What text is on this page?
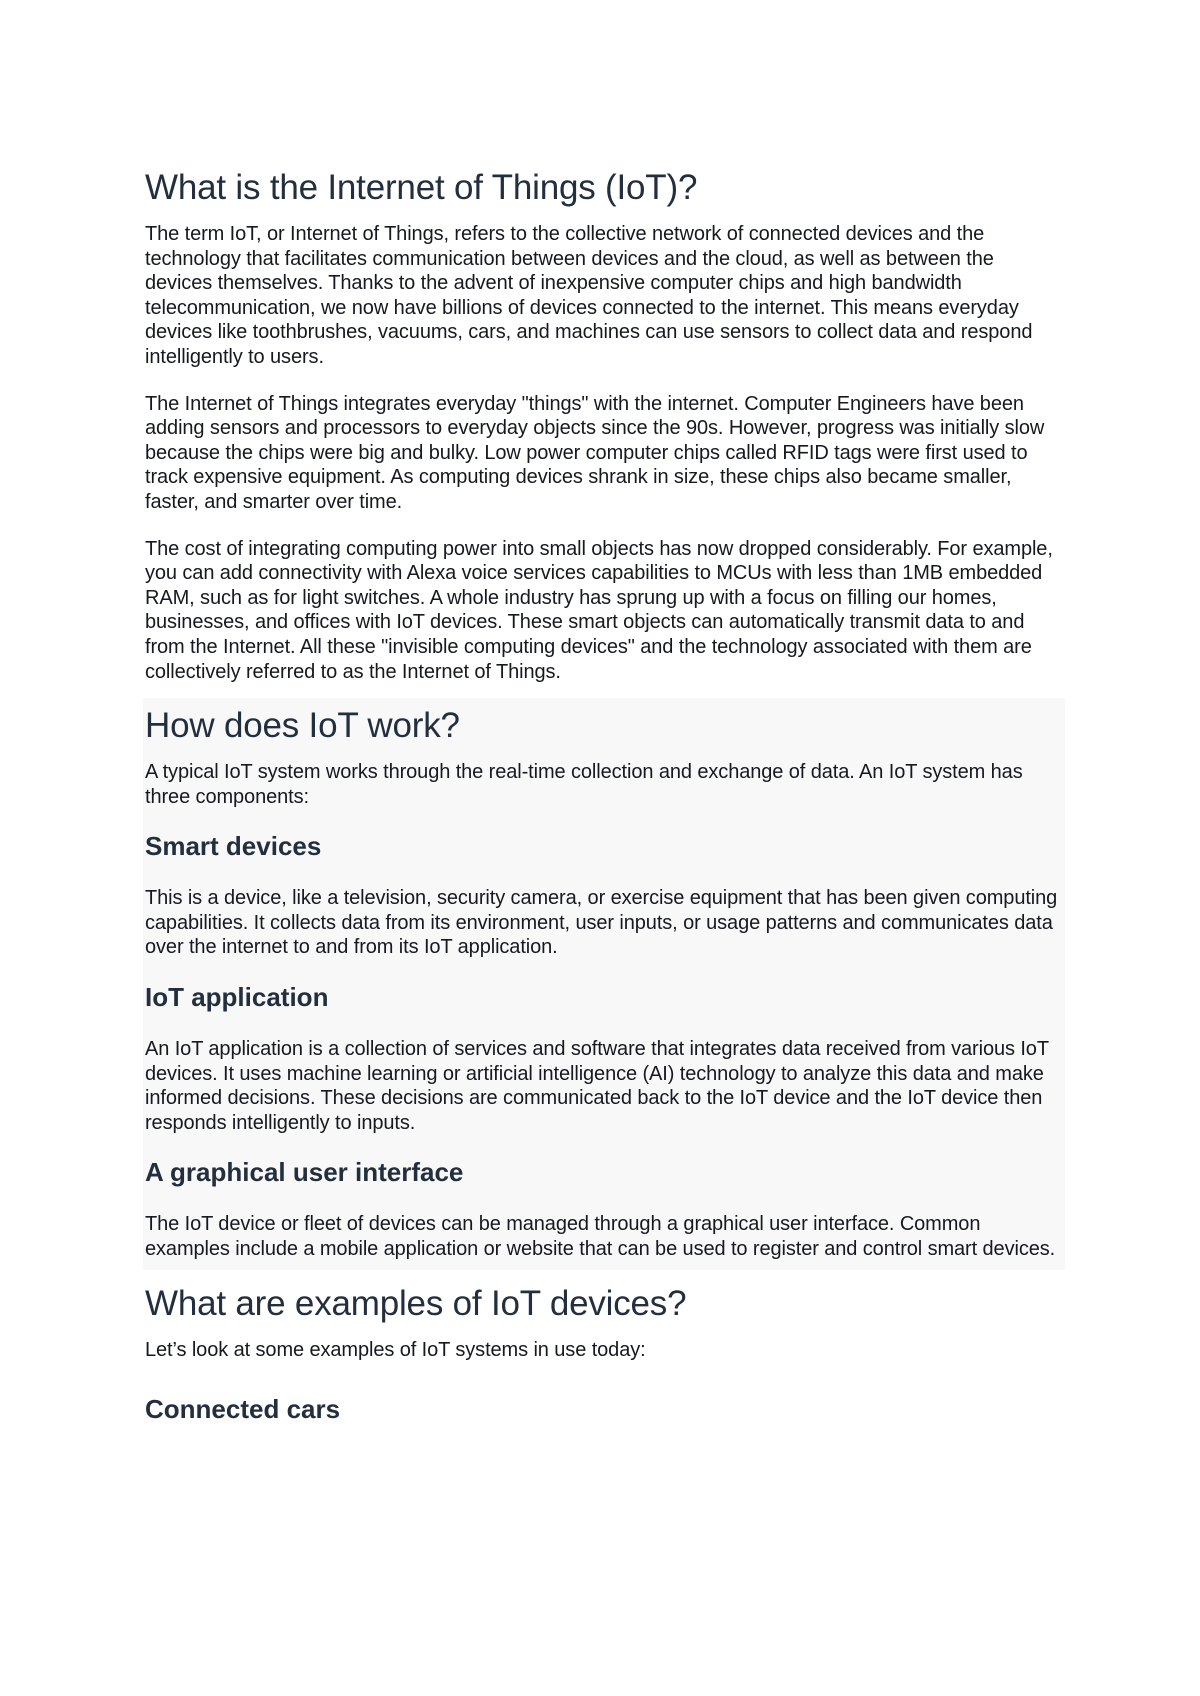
What is the Internet of Things (IoT)?

The term IoT, or Internet of Things, refers to the collective network of connected devices and the technology that facilitates communication between devices and the cloud, as well as between the devices themselves. Thanks to the advent of inexpensive computer chips and high bandwidth telecommunication, we now have billions of devices connected to the internet. This means everyday devices like toothbrushes, vacuums, cars, and machines can use sensors to collect data and respond intelligently to users.

The Internet of Things integrates everyday "things" with the internet. Computer Engineers have been adding sensors and processors to everyday objects since the 90s. However, progress was initially slow because the chips were big and bulky. Low power computer chips called RFID tags were first used to track expensive equipment. As computing devices shrank in size, these chips also became smaller, faster, and smarter over time.

The cost of integrating computing power into small objects has now dropped considerably. For example, you can add connectivity with Alexa voice services capabilities to MCUs with less than 1MB embedded RAM, such as for light switches. A whole industry has sprung up with a focus on filling our homes, businesses, and offices with IoT devices. These smart objects can automatically transmit data to and from the Internet. All these "invisible computing devices" and the technology associated with them are collectively referred to as the Internet of Things.

How does IoT work?

A typical IoT system works through the real-time collection and exchange of data. An IoT system has three components:

Smart devices

This is a device, like a television, security camera, or exercise equipment that has been given computing capabilities. It collects data from its environment, user inputs, or usage patterns and communicates data over the internet to and from its IoT application.

IoT application

An IoT application is a collection of services and software that integrates data received from various IoT devices. It uses machine learning or artificial intelligence (AI) technology to analyze this data and make informed decisions. These decisions are communicated back to the IoT device and the IoT device then responds intelligently to inputs.

A graphical user interface

The IoT device or fleet of devices can be managed through a graphical user interface. Common examples include a mobile application or website that can be used to register and control smart devices.

What are examples of IoT devices?

Let’s look at some examples of IoT systems in use today:

Connected cars
